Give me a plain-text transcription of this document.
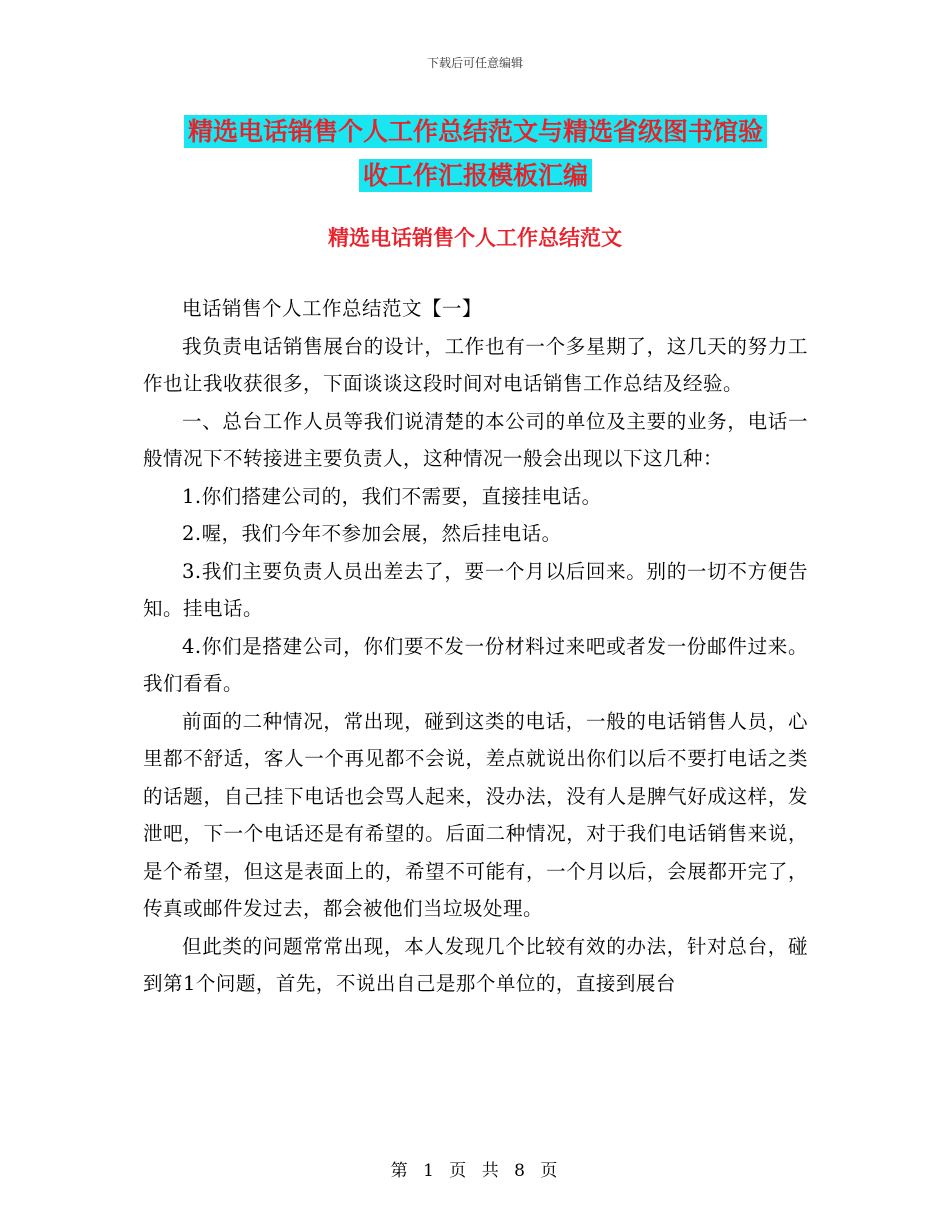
下载后可任意编辑
精选电话销售个人工作总结范文与精选省级图书馆验
收工作汇报模板汇编
精选电话销售个人工作总结范文

电话销售个人工作总结范文【一】

我负责电话销售展台的设计，工作也有一个多星期了，这几天的努力工作也让我收获很多，下面谈谈这段时间对电话销售工作总结及经验。

一、总台工作人员等我们说清楚的本公司的单位及主要的业务，电话一般情况下不转接进主要负责人，这种情况一般会出现以下这几种：

1.你们搭建公司的，我们不需要，直接挂电话。

2.喔，我们今年不参加会展，然后挂电话。

3.我们主要负责人员出差去了，要一个月以后回来。别的一切不方便告知。挂电话。

4.你们是搭建公司，你们要不发一份材料过来吧或者发一份邮件过来。我们看看。

前面的二种情况，常出现，碰到这类的电话，一般的电话销售人员，心里都不舒适，客人一个再见都不会说，差点就说出你们以后不要打电话之类的话题，自己挂下电话也会骂人起来，没办法，没有人是脾气好成这样，发泄吧，下一个电话还是有希望的。后面二种情况，对于我们电话销售来说，是个希望，但这是表面上的，希望不可能有，一个月以后，会展都开完了，传真或邮件发过去，都会被他们当垃圾处理。

但此类的问题常常出现，本人发现几个比较有效的办法，针对总台，碰到第1个问题，首先，不说出自己是那个单位的，直接到展台

第 1 页 共 8 页
